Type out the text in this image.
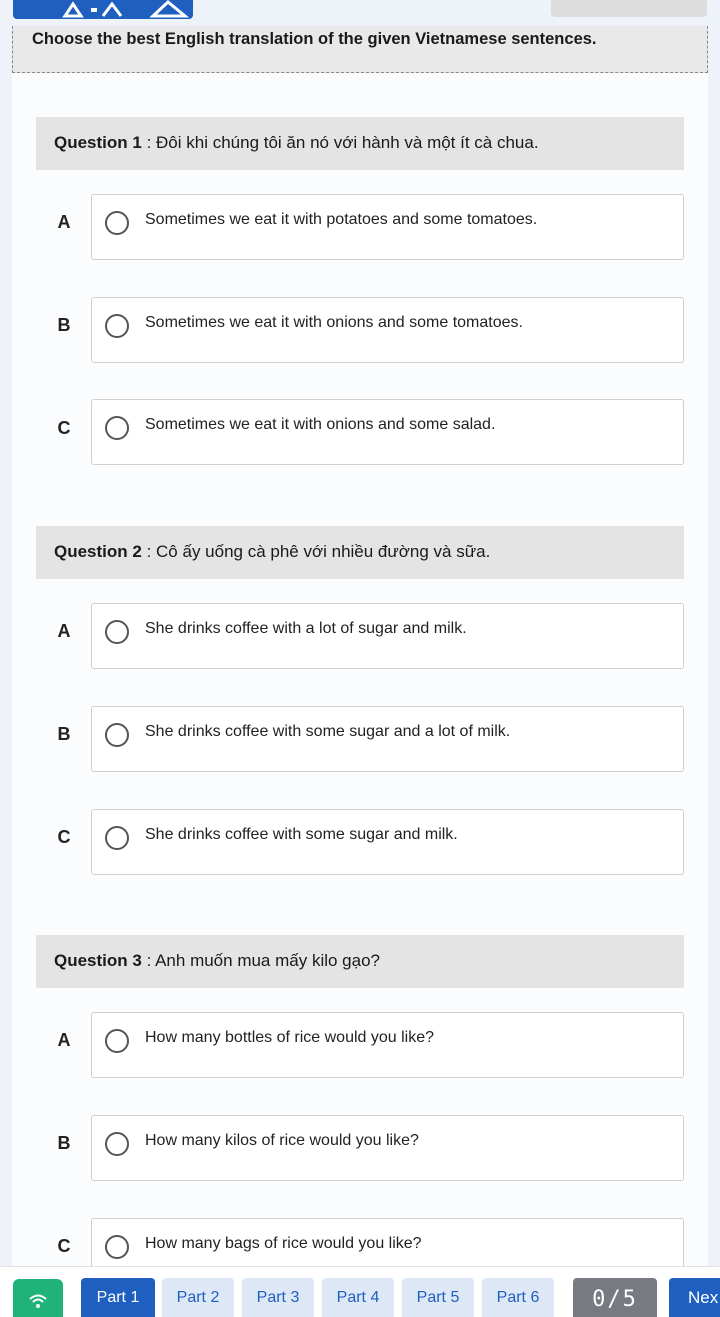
Choose the best English translation of the given Vietnamese sentences.
Question 1 : Đôi khi chúng tôi ăn nó với hành và một ít cà chua.
A	Sometimes we eat it with potatoes and some tomatoes.
B	Sometimes we eat it with onions and some tomatoes.
C	Sometimes we eat it with onions and some salad.
Question 2 : Cô ấy uống cà phê với nhiều đường và sữa.
A	She drinks coffee with a lot of sugar and milk.
B	She drinks coffee with some sugar and a lot of milk.
C	She drinks coffee with some sugar and milk.
Question 3 : Anh muốn mua mấy kilo gạo?
A	How many bottles of rice would you like?
B	How many kilos of rice would you like?
C	How many bags of rice would you like?
Part 1	Part 2	Part 3	Part 4	Part 5	Part 6	0/5	Nex
